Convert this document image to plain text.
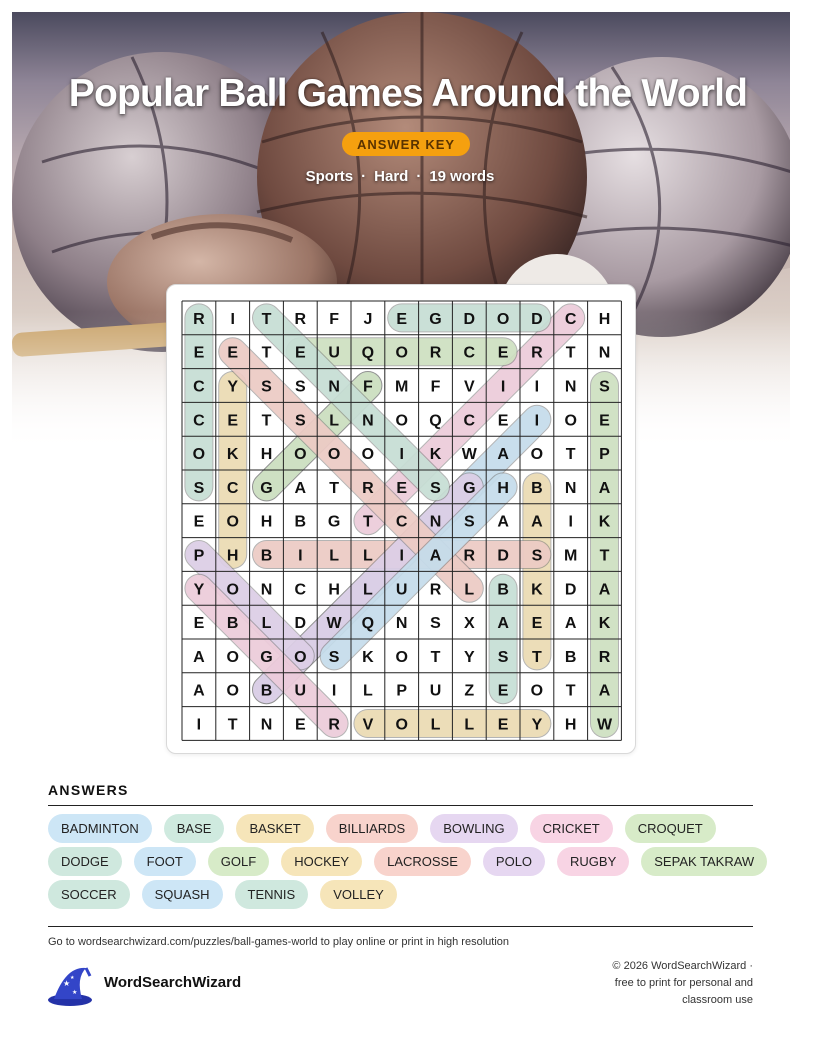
Popular Ball Games Around the World
ANSWER KEY
Sports · Hard · 19 words
R I T R F J E G D O D C H
E E T E U Q O R C E R T N
C Y S S N F M F V I I N S
C E T S L N O Q C E I O E
O K H O O O I K W A O T P
S C G A T R E S G H B N A
E O H B G T C N S A A I K
P H B I L L I A R D S M T
Y O N C H L U R L B K D A
E B L D W Q N S X A E A K
A O G O S K O T Y S T B R
A O B U I L P U Z E O T A
I T N E R V O L L E Y H W
ANSWERS
BADMINTON	BASE	BASKET	BILLIARDS	BOWLING	CRICKET	CROQUET
DODGE	FOOT	GOLF	HOCKEY	LACROSSE	POLO	RUGBY	SEPAK TAKRAW
SOCCER	SQUASH	TENNIS	VOLLEY
Go to wordsearchwizard.com/puzzles/ball-games-world to play online or print in high resolution
★
★
★ WordSearchWizard
© 2026 WordSearchWizard · free to print for personal and classroom use
